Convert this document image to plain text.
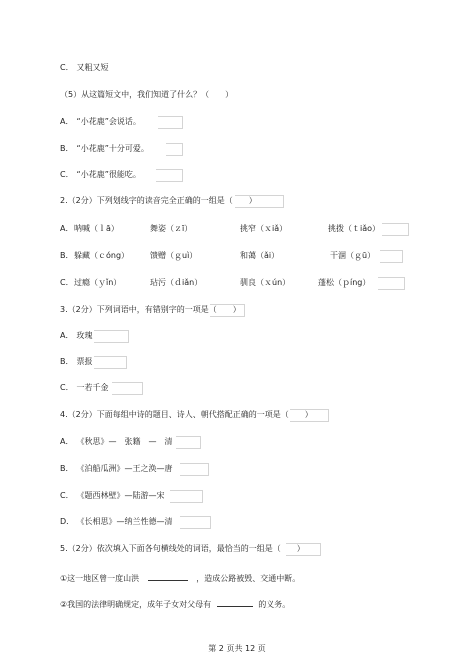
C． 又粗又短
（5）从这篇短文中，我们知道了什么？（　　）
A． “小花鹿”会说话。
B． “小花鹿”十分可爱。
C． “小花鹿”很能吃。
2.（2分）下列划线字的读音完全正确的一组是（　　）
A． 呐喊（ｌā）	舞姿（ｚī）	挑窄（ｘiǎ）	挑拨（ｔiǎo）
B． 躲藏（ｃóng）	馈赠（ｇuì）	和蔼（ǎi）	干涸（ｇū）
C． 过瘾（ｙǐn）	玷污（ｄiǎn）	驯良（ｘún）	蓬松（ｐíng）
3.（2分）下列词语中，有错别字的一项是（　　）
A． 玫瑰
B． 票报
C． 一若千金
4.（2分）下面每组中诗的题目、诗人、朝代搭配正确的一项是（　　）
A． 《秋思》—　张籍　—　清
B． 《泊船瓜洲》—王之涣—唐
C． 《题西林壁》—陆游—宋
D． 《长相思》—纳兰性德—清
5.（2分）依次填入下面各句横线处的词语，最恰当的一组是（　　）
①这一地区曾一度山洪	，造成公路被毁、交通中断。
②我国的法律明确规定，成年子女对父母有	的义务。
第 2 页共 12 页
